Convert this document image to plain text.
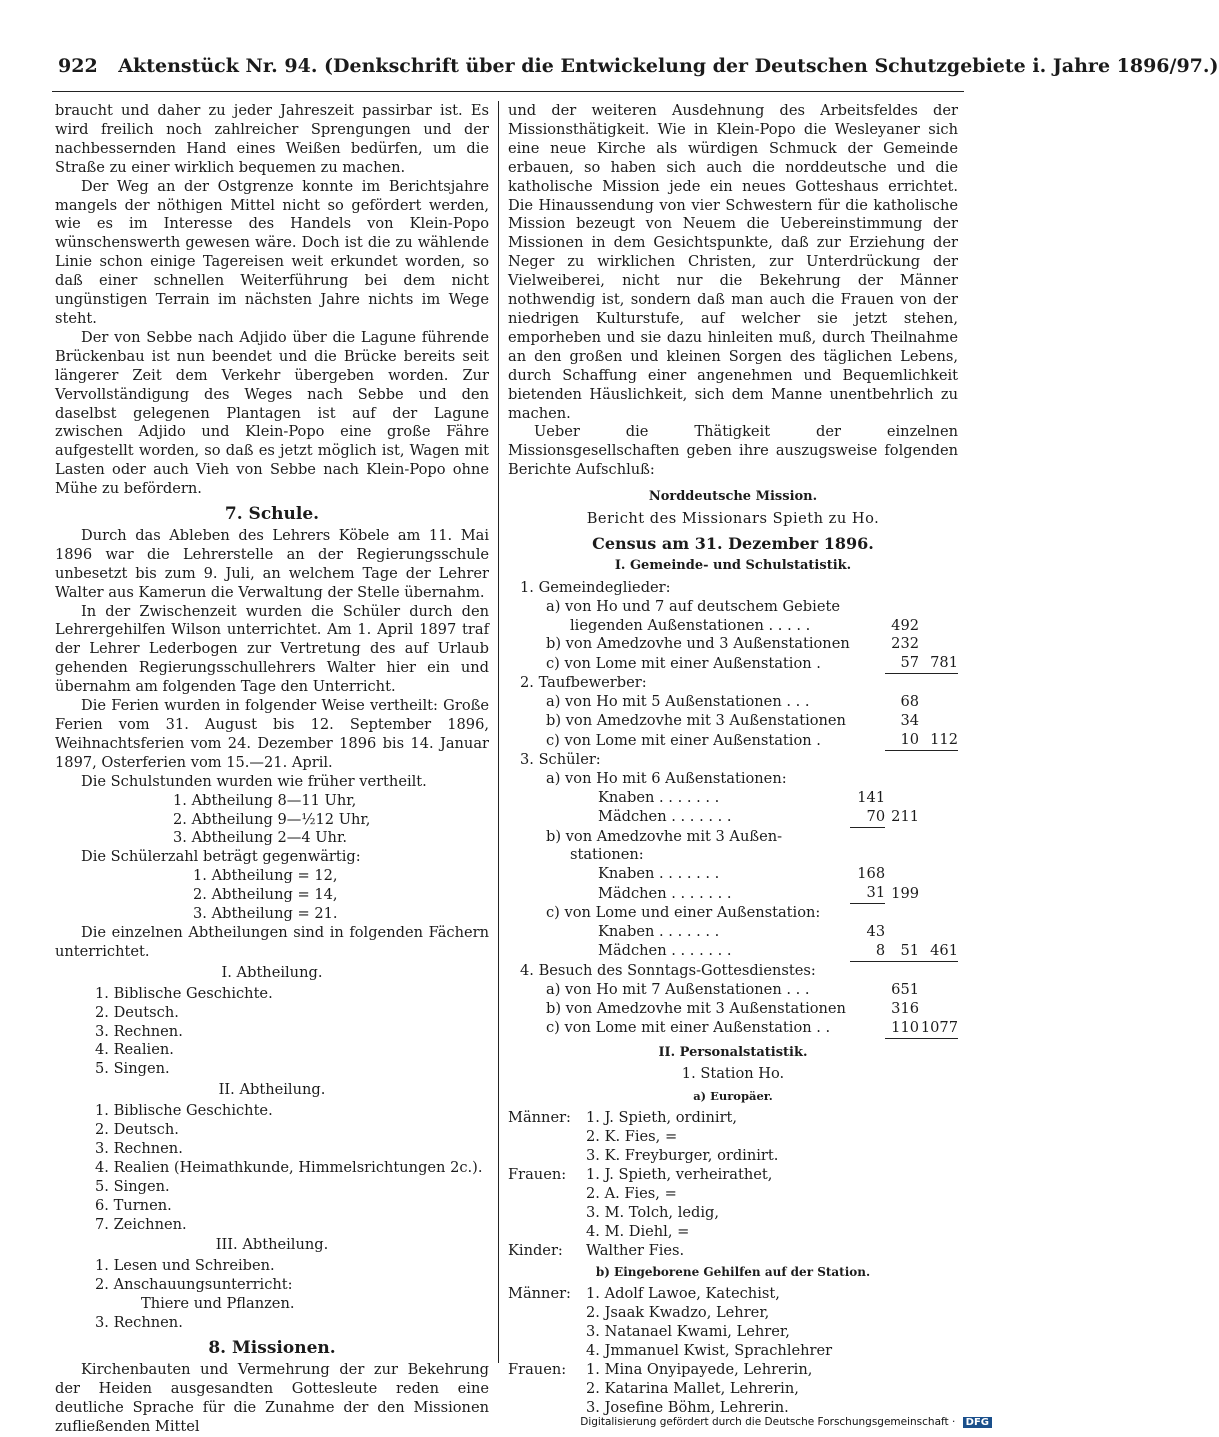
922 Aktenstück Nr. 94. (Denkschrift über die Entwickelung der Deutschen Schutzgebiete i. Jahre 1896/97.)

braucht und daher zu jeder Jahreszeit passirbar ist. Es wird freilich noch zahlreicher Sprengungen und der nachbessernden Hand eines Weißen bedürfen, um die Straße zu einer wirklich bequemen zu machen.

Der Weg an der Ostgrenze konnte im Berichtsjahre mangels der nöthigen Mittel nicht so gefördert werden, wie es im Interesse des Handels von Klein-Popo wünschenswerth gewesen wäre. Doch ist die zu wählende Linie schon einige Tagereisen weit erkundet worden, so daß einer schnellen Weiterführung bei dem nicht ungünstigen Terrain im nächsten Jahre nichts im Wege steht.

Der von Sebbe nach Adjido über die Lagune führende Brückenbau ist nun beendet und die Brücke bereits seit längerer Zeit dem Verkehr übergeben worden. Zur Vervollständigung des Weges nach Sebbe und den daselbst gelegenen Plantagen ist auf der Lagune zwischen Adjido und Klein-Popo eine große Fähre aufgestellt worden, so daß es jetzt möglich ist, Wagen mit Lasten oder auch Vieh von Sebbe nach Klein-Popo ohne Mühe zu befördern.

7. Schule.

Durch das Ableben des Lehrers Köbele am 11. Mai 1896 war die Lehrerstelle an der Regierungsschule unbesetzt bis zum 9. Juli, an welchem Tage der Lehrer Walter aus Kamerun die Verwaltung der Stelle übernahm.

In der Zwischenzeit wurden die Schüler durch den Lehrergehilfen Wilson unterrichtet. Am 1. April 1897 traf der Lehrer Lederbogen zur Vertretung des auf Urlaub gehenden Regierungsschullehrers Walter hier ein und übernahm am folgenden Tage den Unterricht.

Die Ferien wurden in folgender Weise vertheilt: Große Ferien vom 31. August bis 12. September 1896, Weihnachtsferien vom 24. Dezember 1896 bis 14. Januar 1897, Osterferien vom 15.—21. April.

Die Schulstunden wurden wie früher vertheilt.

1. Abtheilung 8—11 Uhr,
2. Abtheilung 9—½12 Uhr,
3. Abtheilung 2—4 Uhr.

Die Schülerzahl beträgt gegenwärtig:

1. Abtheilung = 12,
2. Abtheilung = 14,
3. Abtheilung = 21.

Die einzelnen Abtheilungen sind in folgenden Fächern unterrichtet.

I. Abtheilung.
1. Biblische Geschichte.
2. Deutsch.
3. Rechnen.
4. Realien.
5. Singen.
II. Abtheilung.
1. Biblische Geschichte.
2. Deutsch.
3. Rechnen.
4. Realien (Heimathkunde, Himmelsrichtungen 2c.).
5. Singen.
6. Turnen.
7. Zeichnen.
III. Abtheilung.
1. Lesen und Schreiben.
2. Anschauungsunterricht:
Thiere und Pflanzen.
3. Rechnen.
8. Missionen.

Kirchenbauten und Vermehrung der zur Bekehrung der Heiden ausgesandten Gottesleute reden eine deutliche Sprache für die Zunahme der den Missionen zufließenden Mittel

und der weiteren Ausdehnung des Arbeitsfeldes der Missionsthätigkeit. Wie in Klein-Popo die Wesleyaner sich eine neue Kirche als würdigen Schmuck der Gemeinde erbauen, so haben sich auch die norddeutsche und die katholische Mission jede ein neues Gotteshaus errichtet. Die Hinaussendung von vier Schwestern für die katholische Mission bezeugt von Neuem die Uebereinstimmung der Missionen in dem Gesichtspunkte, daß zur Erziehung der Neger zu wirklichen Christen, zur Unterdrückung der Vielweiberei, nicht nur die Bekehrung der Männer nothwendig ist, sondern daß man auch die Frauen von der niedrigen Kulturstufe, auf welcher sie jetzt stehen, emporheben und sie dazu hinleiten muß, durch Theilnahme an den großen und kleinen Sorgen des täglichen Lebens, durch Schaffung einer angenehmen und Bequemlichkeit bietenden Häuslichkeit, sich dem Manne unentbehrlich zu machen.

Ueber die Thätigkeit der einzelnen Missionsgesellschaften geben ihre auszugsweise folgenden Berichte Aufschluß:

Norddeutsche Mission.
Bericht des Missionars Spieth zu Ho.
Census am 31. Dezember 1896.
I. Gemeinde- und Schulstatistik.
1. Gemeindeglieder:			
a) von Ho und 7 auf deutschem Gebiete			
liegenden Außenstationen . . . . .		492	
b) von Amedzovhe und 3 Außenstationen		232	
c) von Lome mit einer Außenstation .		57	781
2. Taufbewerber:			
a) von Ho mit 5 Außenstationen . . .		68	
b) von Amedzovhe mit 3 Außenstationen		34	
c) von Lome mit einer Außenstation .		10	112
3. Schüler:			
a) von Ho mit 6 Außenstationen:			
Knaben . . . . . . .	141		
Mädchen . . . . . . .	70	211	
b) von Amedzovhe mit 3 Außen-			
stationen:			
Knaben . . . . . . .	168		
Mädchen . . . . . . .	31	199	
c) von Lome und einer Außenstation:			
Knaben . . . . . . .	43		
Mädchen . . . . . . .	8	51	461
4. Besuch des Sonntags-Gottesdienstes:			
a) von Ho mit 7 Außenstationen . . .		651	
b) von Amedzovhe mit 3 Außenstationen		316	
c) von Lome mit einer Außenstation . .		110	1077
II. Personalstatistik.
1. Station Ho.
a) Europäer.
Männer:	1. J. Spieth, ordinirt,
2. K. Fies, =
3. K. Freyburger, ordinirt.
Frauen:	1. J. Spieth, verheirathet,
2. A. Fies, =
3. M. Tolch, ledig,
4. M. Diehl, =
Kinder:	Walther Fies.
b) Eingeborene Gehilfen auf der Station.
Männer:	1. Adolf Lawoe, Katechist,
2. Jsaak Kwadzo, Lehrer,
3. Natanael Kwami, Lehrer,
4. Jmmanuel Kwist, Sprachlehrer
Frauen:	1. Mina Onyipayede, Lehrerin,
2. Katarina Mallet, Lehrerin,
3. Josefine Böhm, Lehrerin.
Digitalisierung gefördert durch die Deutsche Forschungsgemeinschaft · DFG
